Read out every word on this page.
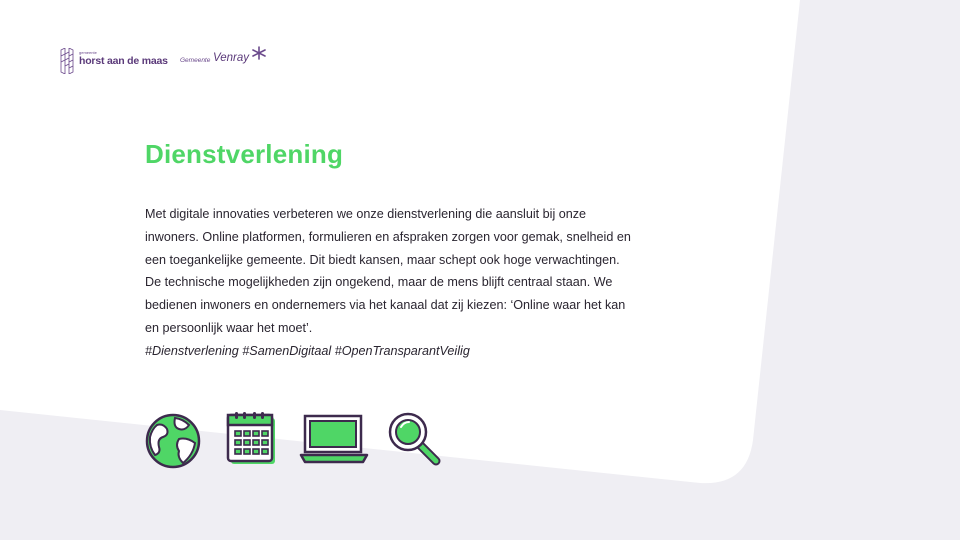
gemeente
horst aan de maas Gemeente Venray
Dienstverlening

Met digitale innovaties verbeteren we onze dienstverlening die aansluit bij onze

inwoners. Online platformen, formulieren en afspraken zorgen voor gemak, snelheid en

een toegankelijke gemeente. Dit biedt kansen, maar schept ook hoge verwachtingen.

De technische mogelijkheden zijn ongekend, maar de mens blijft centraal staan. We

bedienen inwoners en ondernemers via het kanaal dat zij kiezen: ‘Online waar het kan

en persoonlijk waar het moet’.

#Dienstverlening #SamenDigitaal #OpenTransparantVeilig
